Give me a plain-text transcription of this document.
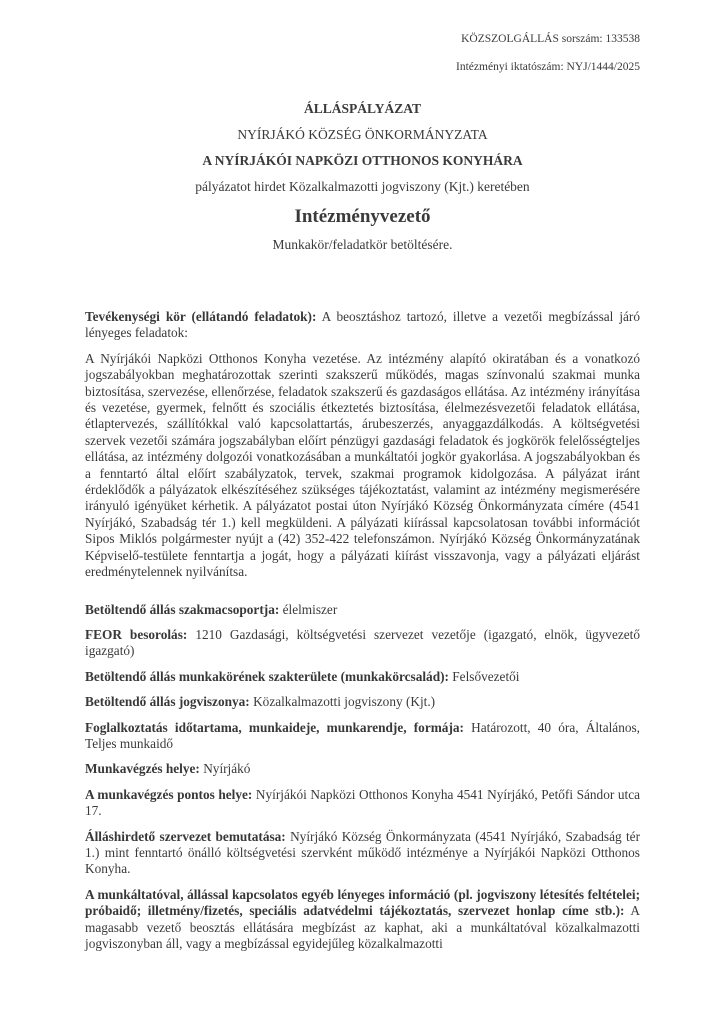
KÖZSZOLGÁLLÁS sorszám: 133538

Intézményi iktatószám: NYJ/1444/2025

ÁLLÁSPÁLYÁZAT

NYÍRJÁKÓ KÖZSÉG ÖNKORMÁNYZATA

A NYÍRJÁKÓI NAPKÖZI OTTHONOS KONYHÁRA

pályázatot hirdet Közalkalmazotti jogviszony (Kjt.) keretében

Intézményvezető

Munkakör/feladatkör betöltésére.

Tevékenységi kör (ellátandó feladatok): A beosztáshoz tartozó, illetve a vezetői megbízással járó lényeges feladatok:

A Nyírjákói Napközi Otthonos Konyha vezetése. Az intézmény alapító okiratában és a vonatkozó jogszabályokban meghatározottak szerinti szakszerű működés, magas színvonalú szakmai munka biztosítása, szervezése, ellenőrzése, feladatok szakszerű és gazdaságos ellátása. Az intézmény irányítása és vezetése, gyermek, felnőtt és szociális étkeztetés biztosítása, élelmezésvezetői feladatok ellátása, étlaptervezés, szállítókkal való kapcsolattartás, árubeszerzés, anyaggazdálkodás. A költségvetési szervek vezetői számára jogszabályban előírt pénzügyi gazdasági feladatok és jogkörök felelősségteljes ellátása, az intézmény dolgozói vonatkozásában a munkáltatói jogkör gyakorlása. A jogszabályokban és a fenntartó által előírt szabályzatok, tervek, szakmai programok kidolgozása. A pályázat iránt érdeklődők a pályázatok elkészítéséhez szükséges tájékoztatást, valamint az intézmény megismerésére irányuló igényüket kérhetik. A pályázatot postai úton Nyírjákó Község Önkormányzata címére (4541 Nyírjákó, Szabadság tér 1.) kell megküldeni. A pályázati kiírással kapcsolatosan további információt Sipos Miklós polgármester nyújt a (42) 352-422 telefonszámon. Nyírjákó Község Önkormányzatának Képviselő-testülete fenntartja a jogát, hogy a pályázati kiírást visszavonja, vagy a pályázati eljárást eredménytelennek nyilvánítsa.

Betöltendő állás szakmacsoportja: élelmiszer

FEOR besorolás: 1210 Gazdasági, költségvetési szervezet vezetője (igazgató, elnök, ügyvezető igazgató)

Betöltendő állás munkakörének szakterülete (munkakörcsalád): Felsővezetői

Betöltendő állás jogviszonya: Közalkalmazotti jogviszony (Kjt.)

Foglalkoztatás időtartama, munkaideje, munkarendje, formája: Határozott, 40 óra, Általános, Teljes munkaidő

Munkavégzés helye: Nyírjákó

A munkavégzés pontos helye: Nyírjákói Napközi Otthonos Konyha 4541 Nyírjákó, Petőfi Sándor utca 17.

Álláshirdető szervezet bemutatása: Nyírjákó Község Önkormányzata (4541 Nyírjákó, Szabadság tér 1.) mint fenntartó önálló költségvetési szervként működő intézménye a Nyírjákói Napközi Otthonos Konyha.

A munkáltatóval, állással kapcsolatos egyéb lényeges információ (pl. jogviszony létesítés feltételei; próbaidő; illetmény/fizetés, speciális adatvédelmi tájékoztatás, szervezet honlap címe stb.): A magasabb vezető beosztás ellátására megbízást az kaphat, aki a munkáltatóval közalkalmazotti jogviszonyban áll, vagy a megbízással egyidejűleg közalkalmazotti
